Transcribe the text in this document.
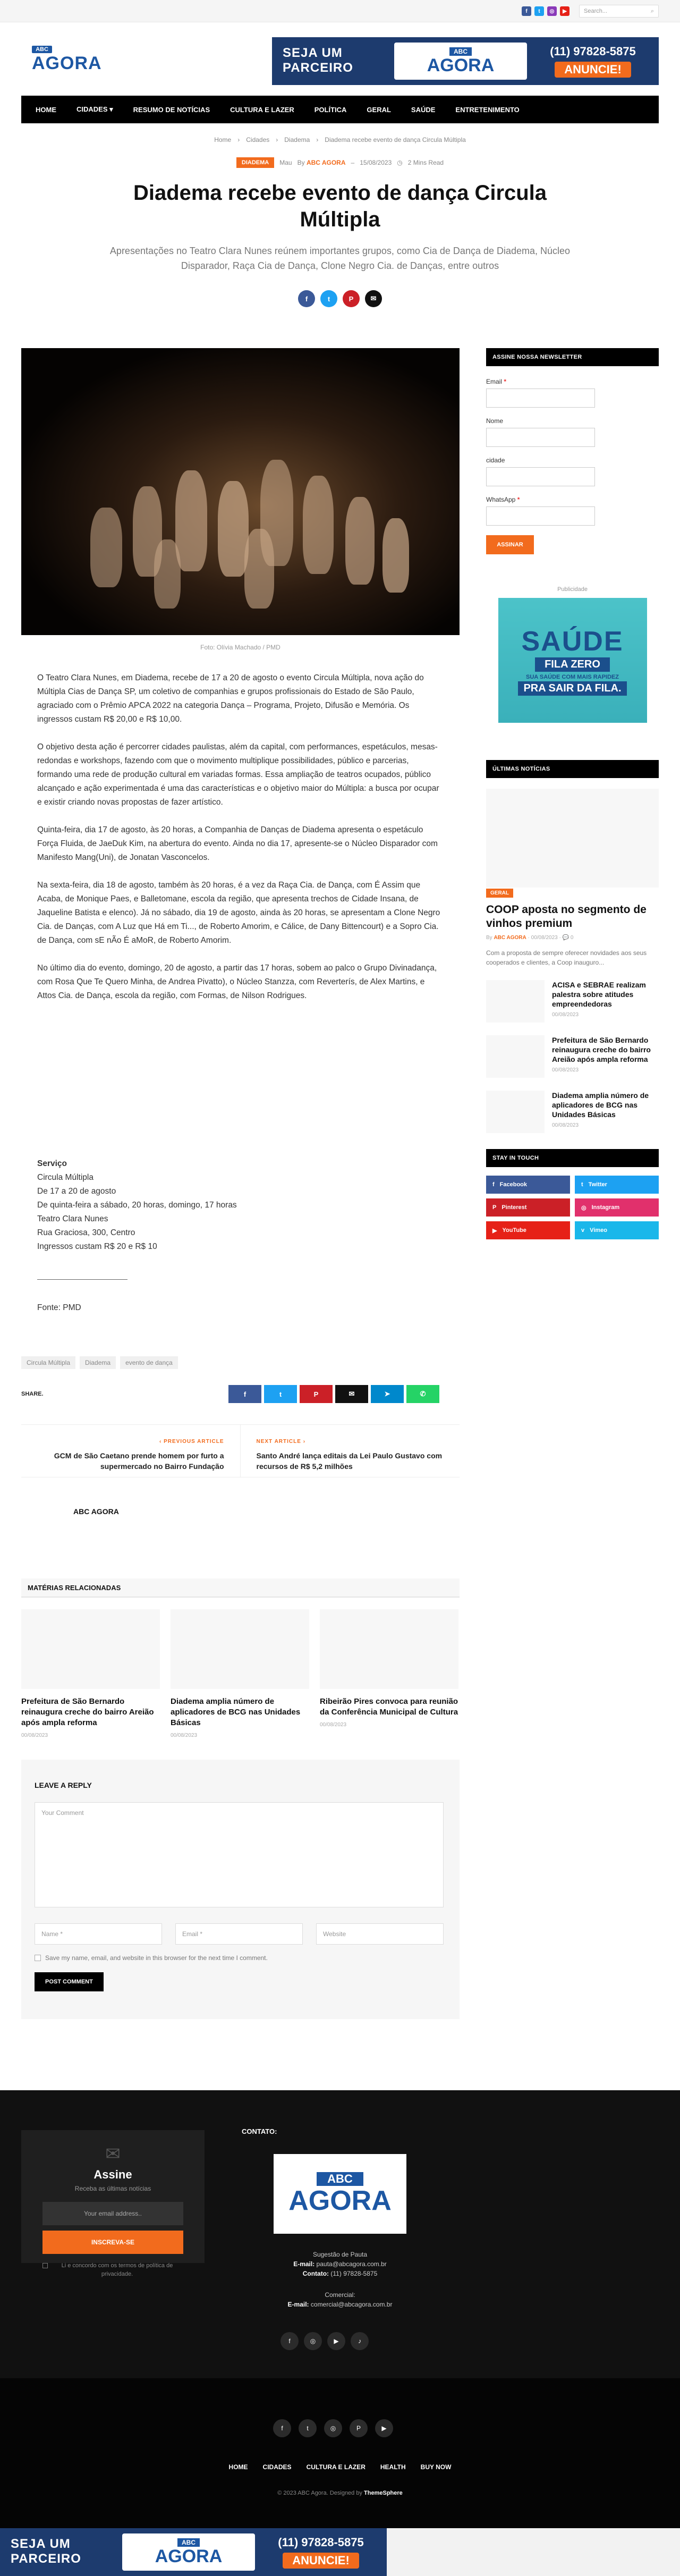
f	t	◎	▶	Search...	⌕
ABC
AGORA
SEJA UM
PARCEIRO
ABC
AGORA
(11) 97828-5875
ANUNCIE!
HOME	CIDADES ▾	RESUMO DE NOTÍCIAS	CULTURA E LAZER	POLÍTICA	GERAL	SAÚDE	ENTRETENIMENTO
Home › Cidades › Diadema › Diadema recebe evento de dança Circula Múltipla
DIADEMA	Mau By ABC AGORA – 15/08/2023 ◷ 2 Mins Read
Diadema recebe evento de dança Circula Múltipla

Apresentações no Teatro Clara Nunes reúnem importantes grupos, como Cia de Dança de Diadema, Núcleo Disparador, Raça Cia de Dança, Clone Negro Cia. de Danças, entre outros

f	t	P	✉
Foto: Olívia Machado / PMD

O Teatro Clara Nunes, em Diadema, recebe de 17 a 20 de agosto o evento Circula Múltipla, nova ação do Múltipla Cias de Dança SP, um coletivo de companhias e grupos profissionais do Estado de São Paulo, agraciado com o Prêmio APCA 2022 na categoria Dança – Programa, Projeto, Difusão e Memória. Os ingressos custam R$ 20,00 e R$ 10,00.

O objetivo desta ação é percorrer cidades paulistas, além da capital, com performances, espetáculos, mesas-redondas e workshops, fazendo com que o movimento multiplique possibilidades, público e parcerias, formando uma rede de produção cultural em variadas formas. Essa ampliação de teatros ocupados, público alcançado e ação experimentada é uma das características e o objetivo maior do Múltipla: a busca por ocupar e existir criando novas propostas de fazer artístico.

Quinta-feira, dia 17 de agosto, às 20 horas, a Companhia de Danças de Diadema apresenta o espetáculo Força Fluida, de JaeDuk Kim, na abertura do evento. Ainda no dia 17, apresente-se o Núcleo Disparador com Manifesto Mang(Uni), de Jonatan Vasconcelos.

Na sexta-feira, dia 18 de agosto, também às 20 horas, é a vez da Raça Cia. de Dança, com É Assim que Acaba, de Monique Paes, e Balletomane, escola da região, que apresenta trechos de Cidade Insana, de Jaqueline Batista e elenco). Já no sábado, dia 19 de agosto, ainda às 20 horas, se apresentam a Clone Negro Cia. de Danças, com A Luz que Há em Ti..., de Roberto Amorim, e Cálice, de Dany Bittencourt) e a Sopro Cia. de Dança, com sE nÃo É aMoR, de Roberto Amorim.

No último dia do evento, domingo, 20 de agosto, a partir das 17 horas, sobem ao palco o Grupo Divinadança, com Rosa Que Te Quero Minha, de Andrea Pivatto), o Núcleo Stanzza, com Reverterís, de Alex Martins, e Attos Cia. de Dança, escola da região, com Formas, de Nilson Rodrigues.

Serviço

Circula Múltipla

De 17 a 20 de agosto

De quinta-feira a sábado, 20 horas, domingo, 17 horas

Teatro Clara Nunes

Rua Graciosa, 300, Centro

Ingressos custam R$ 20 e R$ 10

Fonte: PMD

Circula Múltipla	Diadema	evento de dança
SHARE.	f	t	P	✉	➤	✆
‹ PREVIOUS ARTICLE
GCM de São Caetano prende homem por furto a supermercado no Bairro Fundação
NEXT ARTICLE ›
Santo André lança editais da Lei Paulo Gustavo com recursos de R$ 5,2 milhões
ABC AGORA
MATÉRIAS RELACIONADAS
Prefeitura de São Bernardo reinaugura creche do bairro Areião após ampla reforma
00/08/2023
Diadema amplia número de aplicadores de BCG nas Unidades Básicas
00/08/2023
Ribeirão Pires convoca para reunião da Conferência Municipal de Cultura
00/08/2023
LEAVE A REPLY
Your Comment
Name *	Email *	Website
Save my name, email, and website in this browser for the next time I comment.
POST COMMENT
ASSINE NOSSA NEWSLETTER
Email *
Nome
cidade
WhatsApp *
ASSINAR
Publicidade
SAÚDE
FILA ZERO
SUA SAÚDE COM MAIS RAPIDEZ
PRA SAIR DA FILA.
ÚLTIMAS NOTÍCIAS
GERAL
COOP aposta no segmento de vinhos premium
By ABC AGORA · 00/08/2023 · 💬 0
Com a proposta de sempre oferecer novidades aos seus cooperados e clientes, a Coop inauguro...
ACISA e SEBRAE realizam palestra sobre atitudes empreendedoras
00/08/2023
Prefeitura de São Bernardo reinaugura creche do bairro Areião após ampla reforma
00/08/2023
Diadema amplia número de aplicadores de BCG nas Unidades Básicas
00/08/2023
STAY IN TOUCH
f Facebook	t Twitter
P Pinterest	◎ Instagram
▶ YouTube	v Vimeo
✉
Assine
Receba as últimas notícias
Your email address..
INSCREVA-SE
Li e concordo com os termos de política de privacidade.
CONTATO:
ABC
AGORA
Sugestão de Pauta
E-mail: pauta@abcagora.com.br
Contato: (11) 97828-5875
Comercial:
E-mail: comercial@abcagora.com.br
f	◎	▶	♪
f	t	◎	P	▶
HOME CIDADES CULTURA E LAZER HEALTH BUY NOW
© 2023 ABC Agora. Designed by ThemeSphere
SEJA UM
PARCEIRO
ABC
AGORA
(11) 97828-5875
ANUNCIE!
